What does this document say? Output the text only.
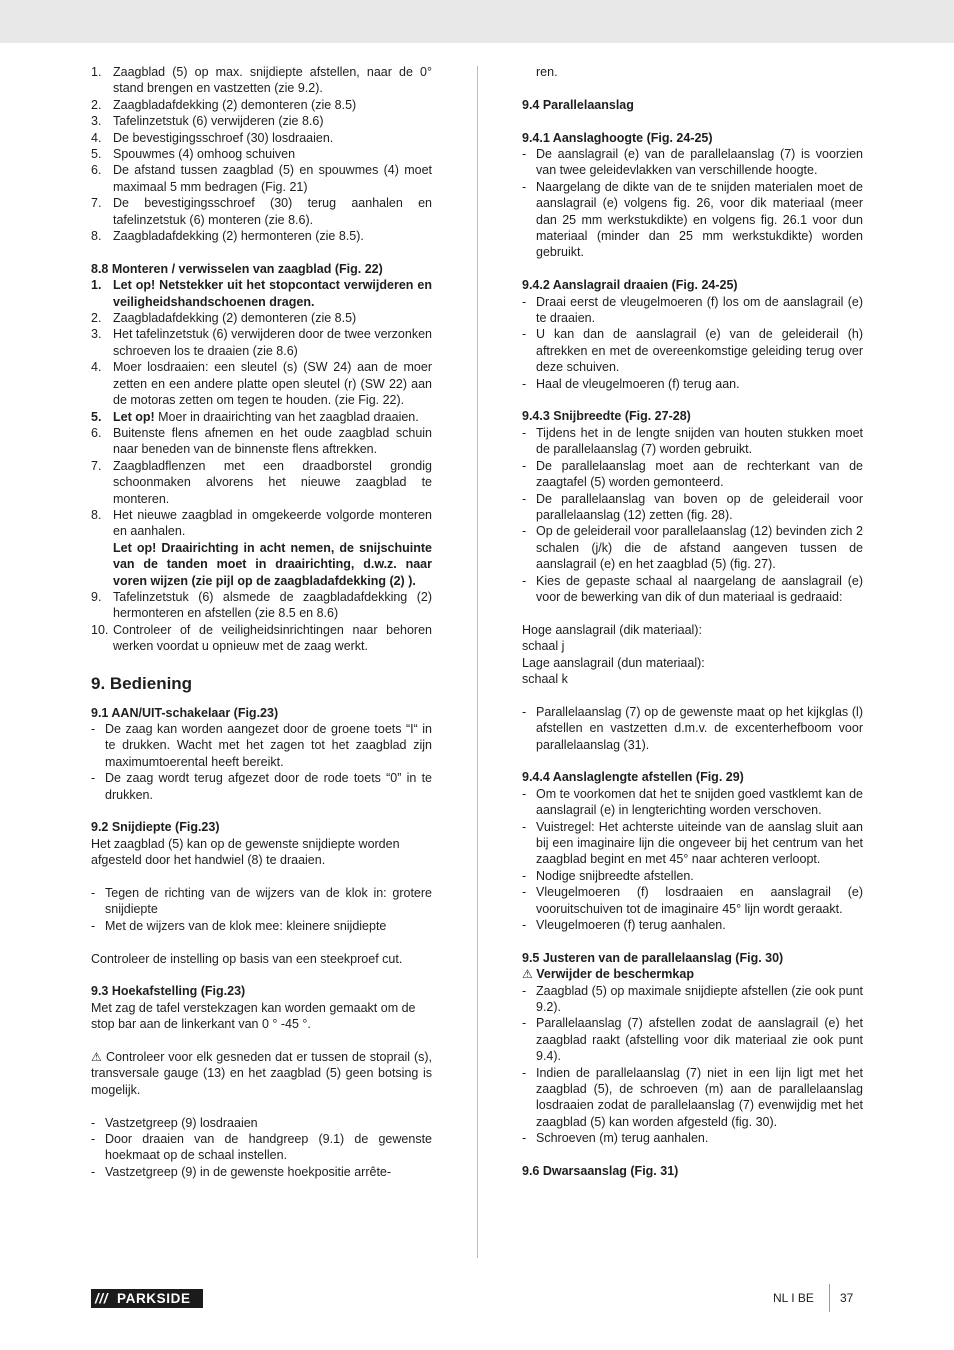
1. Zaagblad (5) op max. snijdiepte afstellen, naar de 0° stand brengen en vastzetten (zie 9.2).
2. Zaagbladafdekking (2) demonteren (zie 8.5)
3. Tafelinzetstuk (6) verwijderen (zie 8.6)
4. De bevestigingsschroef (30) losdraaien.
5. Spouwmes (4) omhoog schuiven
6. De afstand tussen zaagblad (5) en spouwmes (4) moet maximaal 5 mm bedragen (Fig. 21)
7. De bevestigingsschroef (30) terug aanhalen en tafelinzetstuk (6) monteren (zie 8.6).
8. Zaagbladafdekking (2) hermonteren (zie 8.5).

8.8 Monteren / verwisselen van zaagblad (Fig. 22)

1. Let op! Netstekker uit het stopcontact verwijderen en veiligheidshandschoenen dragen.
2. Zaagbladafdekking (2) demonteren (zie 8.5)
3. Het tafelinzetstuk (6) verwijderen door de twee verzonken schroeven los te draaien (zie 8.6)
4. Moer losdraaien: een sleutel (s) (SW 24) aan de moer zetten en een andere platte open sleutel (r) (SW 22) aan de motoras zetten om tegen te houden. (zie Fig. 22).
5. Let op! Moer in draairichting van het zaagblad draaien.
6. Buitenste flens afnemen en het oude zaagblad schuin naar beneden van de binnenste flens aftrekken.
7. Zaagbladflenzen met een draadborstel grondig schoonmaken alvorens het nieuwe zaagblad te monteren.
8. Het nieuwe zaagblad in omgekeerde volgorde monteren en aanhalen.
Let op! Draairichting in acht nemen, de snijschuinte van de tanden moet in draairichting, d.w.z. naar voren wijzen (zie pijl op de zaagbladafdekking (2) ).
9. Tafelinzetstuk (6) alsmede de zaagbladafdekking (2) hermonteren en afstellen (zie 8.5 en 8.6)
10. Controleer of de veiligheidsinrichtingen naar behoren werken voordat u opnieuw met de zaag werkt.

9. Bediening

9.1 AAN/UIT-schakelaar (Fig.23)

- De zaag kan worden aangezet door de groene toets “I“ in te drukken. Wacht met het zagen tot het zaagblad zijn maximumtoerental heeft bereikt.
- De zaag wordt terug afgezet door de rode toets “0” in te drukken.

9.2 Snijdiepte (Fig.23)

Het zaagblad (5) kan op de gewenste snijdiepte worden afgesteld door het handwiel (8) te draaien.

- Tegen de richting van de wijzers van de klok in: grotere snijdiepte
- Met de wijzers van de klok mee: kleinere snijdiepte

Controleer de instelling op basis van een steekproef cut.

9.3 Hoekafstelling (Fig.23)

Met zag de tafel verstekzagen kan worden gemaakt om de stop bar aan de linkerkant van 0 ° -45 °.

⚠ Controleer voor elk gesneden dat er tussen de stoprail (s), transversale gauge (13) en het zaagblad (5) geen botsing is mogelijk.

- Vastzetgreep (9) losdraaien
- Door draaien van de handgreep (9.1) de gewenste hoekmaat op de schaal instellen.
- Vastzetgreep (9) in de gewenste hoekpositie arrête-

ren.

9.4 Parallelaanslag

9.4.1 Aanslaghoogte (Fig. 24-25)

- De aanslagrail (e) van de parallelaanslag (7) is voorzien van twee geleidevlakken van verschillende hoogte.
- Naargelang de dikte van de te snijden materialen moet de aanslagrail (e) volgens fig. 26, voor dik materiaal (meer dan 25 mm werkstukdikte) en volgens fig. 26.1 voor dun materiaal (minder dan 25 mm werkstukdikte) worden gebruikt.

9.4.2 Aanslagrail draaien (Fig. 24-25)

- Draai eerst de vleugelmoeren (f) los om de aanslagrail (e) te draaien.
- U kan dan de aanslagrail (e) van de geleiderail (h) aftrekken en met de overeenkomstige geleiding terug over deze schuiven.
- Haal de vleugelmoeren (f) terug aan.

9.4.3 Snijbreedte (Fig. 27-28)

- Tijdens het in de lengte snijden van houten stukken moet de parallelaanslag (7) worden gebruikt.
- De parallelaanslag moet aan de rechterkant van de zaagtafel (5) worden gemonteerd.
- De parallelaanslag van boven op de geleiderail voor parallelaanslag (12) zetten (fig. 28).
- Op de geleiderail voor parallelaanslag (12) bevinden zich 2 schalen (j/k) die de afstand aangeven tussen de aanslagrail (e) en het zaagblad (5) (fig. 27).
- Kies de gepaste schaal al naargelang de aanslagrail (e) voor de bewerking van dik of dun materiaal is gedraaid:

Hoge aanslagrail (dik materiaal):

schaal j

Lage aanslagrail (dun materiaal):

schaal k

- Parallelaanslag (7) op de gewenste maat op het kijkglas (l) afstellen en vastzetten d.m.v. de excenterhefboom voor parallelaanslag (31).

9.4.4 Aanslaglengte afstellen (Fig. 29)

- Om te voorkomen dat het te snijden goed vastklemt kan de aanslagrail (e) in lengterichting worden verschoven.
- Vuistregel: Het achterste uiteinde van de aanslag sluit aan bij een imaginaire lijn die ongeveer bij het centrum van het zaagblad begint en met 45° naar achteren verloopt.
- Nodige snijbreedte afstellen.
- Vleugelmoeren (f) losdraaien en aanslagrail (e) vooruitschuiven tot de imaginaire 45° lijn wordt geraakt.
- Vleugelmoeren (f) terug aanhalen.

9.5 Justeren van de parallelaanslag (Fig. 30)

⚠ Verwijder de beschermkap

- Zaagblad (5) op maximale snijdiepte afstellen (zie ook punt 9.2).
- Parallelaanslag (7) afstellen zodat de aanslagrail (e) het zaagblad raakt (afstelling voor dik materiaal zie ook punt 9.4).
- Indien de parallelaanslag (7) niet in een lijn ligt met het zaagblad (5), de schroeven (m) aan de parallelaanslag losdraaien zodat de parallelaanslag (7) evenwijdig met het zaagblad (5) kan worden afgesteld (fig. 30).
- Schroeven (m) terug aanhalen.

9.6 Dwarsaanslag (Fig. 31)

/// PARKSIDE	NL I BE 37
